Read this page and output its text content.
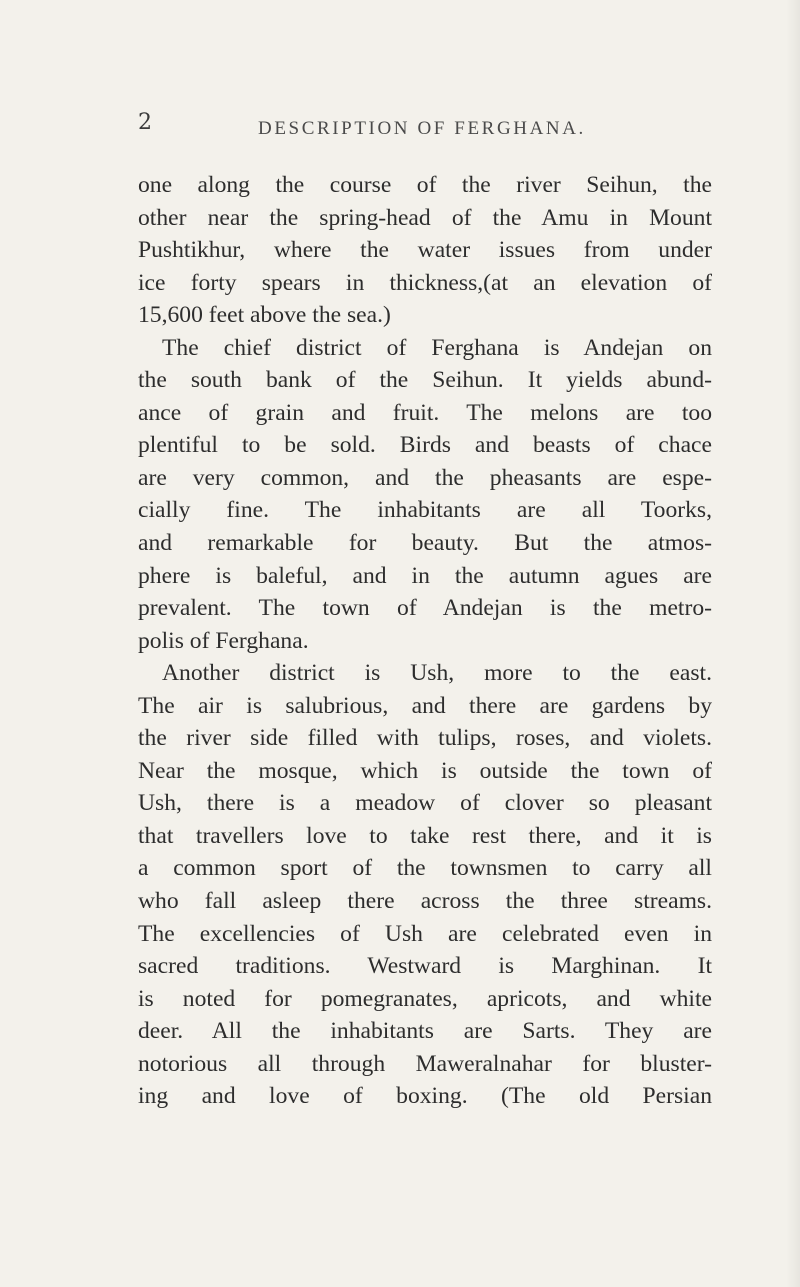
2	DESCRIPTION OF FERGHANA.

one along the course of the river Seihun, the
other near the spring-head of the Amu in Mount
Pushtikhur, where the water issues from under
ice forty spears in thickness,(at an elevation of
15,600 feet above the sea.)
The chief district of Ferghana is Andejan on
the south bank of the Seihun. It yields abund-
ance of grain and fruit. The melons are too
plentiful to be sold. Birds and beasts of chace
are very common, and the pheasants are espe-
cially fine. The inhabitants are all Toorks,
and remarkable for beauty. But the atmos-
phere is baleful, and in the autumn agues are
prevalent. The town of Andejan is the metro-
polis of Ferghana.
Another district is Ush, more to the east.
The air is salubrious, and there are gardens by
the river side filled with tulips, roses, and violets.
Near the mosque, which is outside the town of
Ush, there is a meadow of clover so pleasant
that travellers love to take rest there, and it is
a common sport of the townsmen to carry all
who fall asleep there across the three streams.
The excellencies of Ush are celebrated even in
sacred traditions. Westward is Marghinan. It
is noted for pomegranates, apricots, and white
deer. All the inhabitants are Sarts. They are
notorious all through Maweralnahar for bluster-
ing and love of boxing. (The old Persian
